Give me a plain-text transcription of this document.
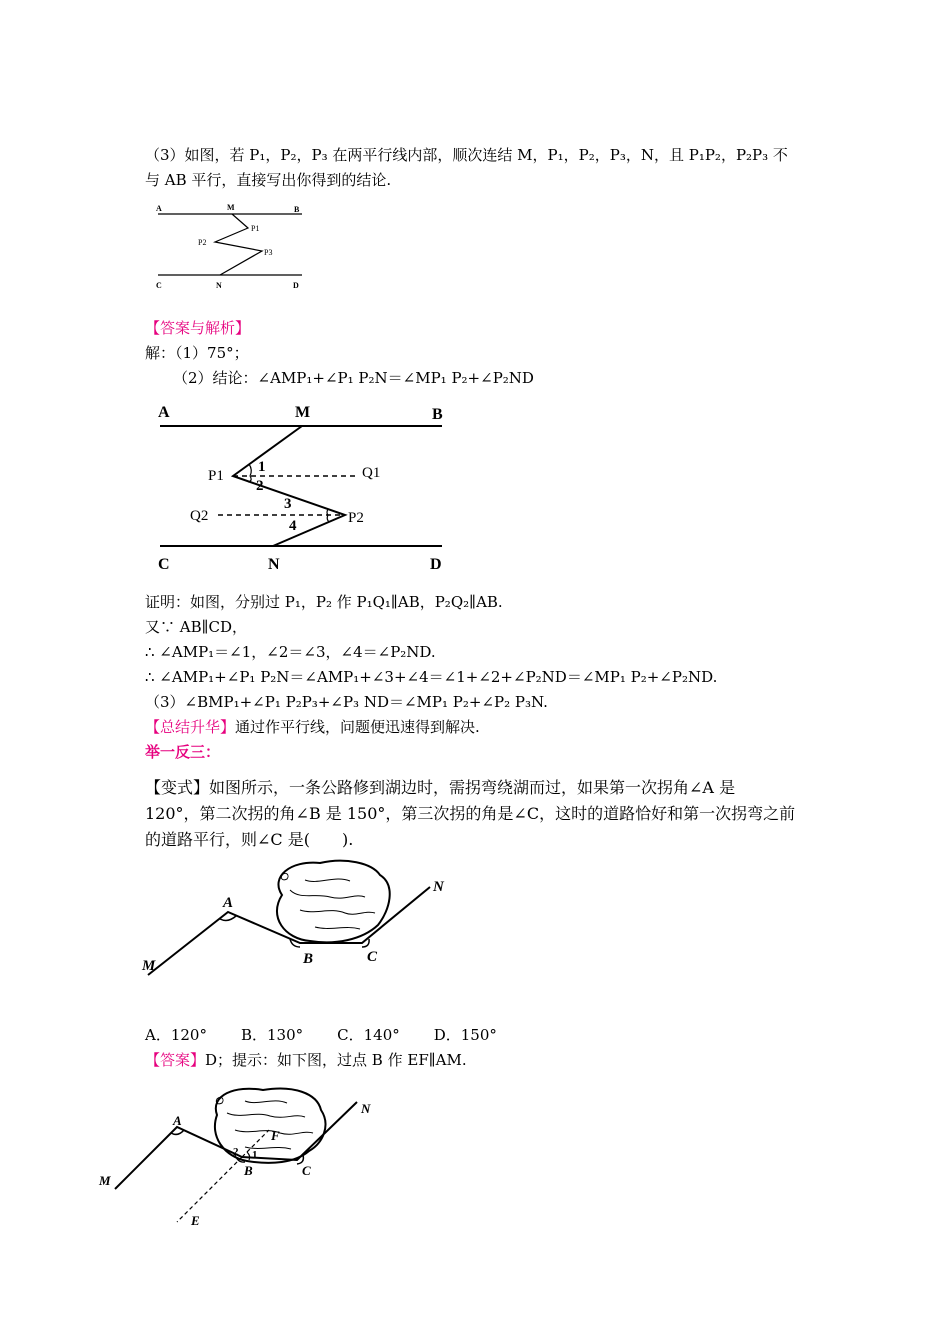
（3）如图，若 P₁，P₂，P₃ 在两平行线内部，顺次连结 M，P₁，P₂，P₃，N，且 P₁P₂，P₂P₃ 不
与 AB 平行，直接写出你得到的结论.
A	M	B
P1
P2
P3
C	N	D
【答案与解析】
解：（1）75°；
（2）结论：∠AMP₁+∠P₁ P₂N＝∠MP₁ P₂+∠P₂ND
A	M	B
P1
1	Q1
2
3
Q2
4	P2
C	N	D
证明：如图，分别过 P₁，P₂ 作 P₁Q₁∥AB，P₂Q₂∥AB.
又∵ AB∥CD，
∴ ∠AMP₁＝∠1，∠2＝∠3，∠4＝∠P₂ND.
∴ ∠AMP₁+∠P₁ P₂N＝∠AMP₁+∠3+∠4＝∠1+∠2+∠P₂ND＝∠MP₁ P₂+∠P₂ND.
（3）∠BMP₁+∠P₁ P₂P₃+∠P₃ ND＝∠MP₁ P₂+∠P₂ P₃N.
【总结升华】通过作平行线，问题便迅速得到解决.
举一反三：
【变式】如图所示，一条公路修到湖边时，需拐弯绕湖而过，如果第一次拐角∠A 是
120°，第二次拐的角∠B 是 150°，第三次拐的角是∠C，这时的道路恰好和第一次拐弯之前
的道路平行，则∠C 是(　　).
A
B	C
M
N
A．120° B．130° C．140° D．150°
【答案】D；提示：如下图，过点 B 作 EF∥AM.
A
F
2 1
B	C
M
N
E
